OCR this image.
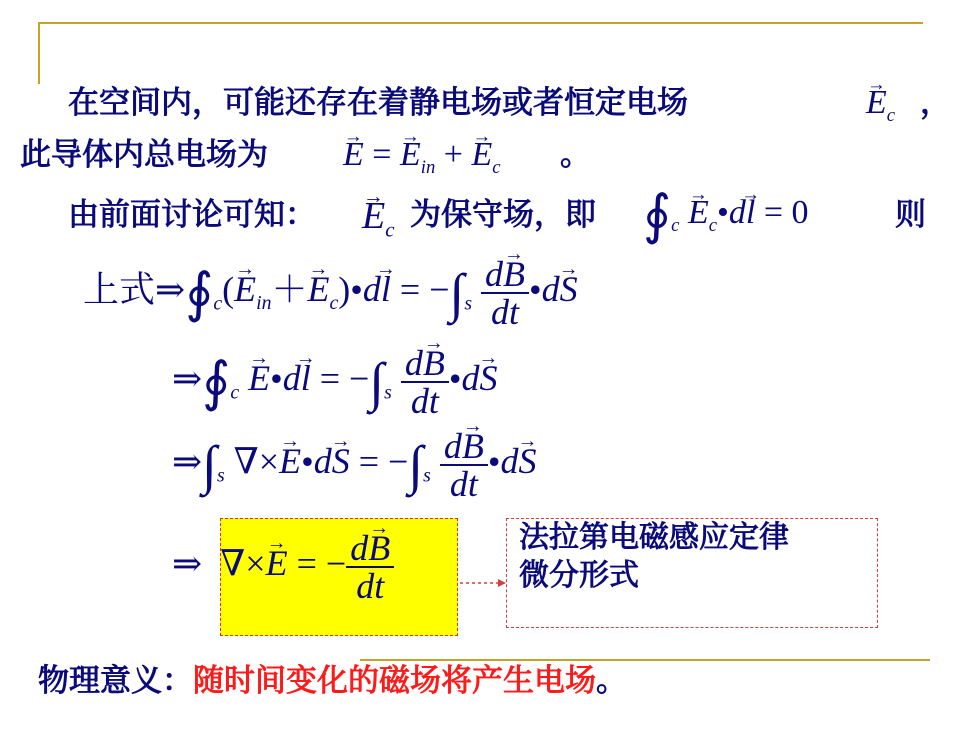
在空间内，可能还存在着静电场或者恒定电场	→ $E_c$ ，
此导体内总电场为 → E = → $E_{in}$ + → $E_c$ 。
由前面讨论可知： → $E_c$ 为保守场，即 $∮_c$ → $E_c•d\to l = 0$	则
上式$\Rightarrow∮_c(\to E_{in}+\to$ $E_c)•d\to l = -\int_s \frac{d\to B}{dt}$ •d→ S
$\Rightarrow∮_c$ → E•d→ $l = -\int_s \frac{d\to B}{dt}$ •d→ S
$\Rightarrow\int_s$ ∇×→ E•d→ $S = -\int_s \frac{d\to B}{dt}$ •d→ S
⇒  ∇×→ E = − $\frac{d\to B}{dt}$	法拉第电磁感应定律
微分形式
物理意义：随时间变化的磁场将产生电场。
